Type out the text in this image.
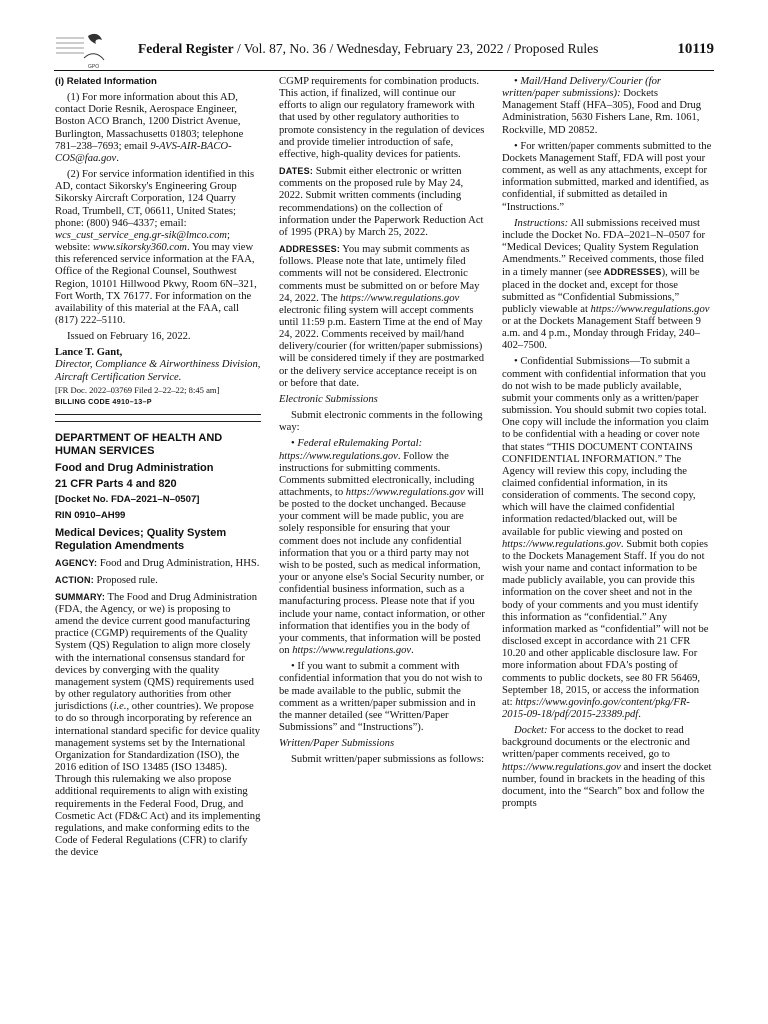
GPO
Federal Register / Vol. 87, No. 36 / Wednesday, February 23, 2022 / Proposed Rules	10119

(i) Related Information

(1) For more information about this AD, contact Dorie Resnik, Aerospace Engineer, Boston ACO Branch, 1200 District Avenue, Burlington, Massachusetts 01803; telephone 781–238–7693; email 9-AVS-AIR-BACO-COS@faa.gov.

(2) For service information identified in this AD, contact Sikorsky's Engineering Group Sikorsky Aircraft Corporation, 124 Quarry Road, Trumbell, CT, 06611, United States; phone: (800) 946–4337; email: wcs_cust_service_eng.gr-sik@lmco.com; website: www.sikorsky360.com. You may view this referenced service information at the FAA, Office of the Regional Counsel, Southwest Region, 10101 Hillwood Pkwy, Room 6N–321, Fort Worth, TX 76177. For information on the availability of this material at the FAA, call (817) 222–5110.

Issued on February 16, 2022.

Lance T. Gant,

Director, Compliance & Airworthiness Division, Aircraft Certification Service.

[FR Doc. 2022–03769 Filed 2–22–22; 8:45 am]

BILLING CODE 4910–13–P

DEPARTMENT OF HEALTH AND HUMAN SERVICES

Food and Drug Administration

21 CFR Parts 4 and 820

[Docket No. FDA–2021–N–0507]

RIN 0910–AH99

Medical Devices; Quality System Regulation Amendments

AGENCY: Food and Drug Administration, HHS.

ACTION: Proposed rule.

SUMMARY: The Food and Drug Administration (FDA, the Agency, or we) is proposing to amend the device current good manufacturing practice (CGMP) requirements of the Quality System (QS) Regulation to align more closely with the international consensus standard for devices by converging with the quality management system (QMS) requirements used by other regulatory authorities from other jurisdictions (i.e., other countries). We propose to do so through incorporating by reference an international standard specific for device quality management systems set by the International Organization for Standardization (ISO), the 2016 edition of ISO 13485 (ISO 13485). Through this rulemaking we also propose additional requirements to align with existing requirements in the Federal Food, Drug, and Cosmetic Act (FD&C Act) and its implementing regulations, and make conforming edits to the Code of Federal Regulations (CFR) to clarify the device

CGMP requirements for combination products. This action, if finalized, will continue our efforts to align our regulatory framework with that used by other regulatory authorities to promote consistency in the regulation of devices and provide timelier introduction of safe, effective, high-quality devices for patients.

DATES: Submit either electronic or written comments on the proposed rule by May 24, 2022. Submit written comments (including recommendations) on the collection of information under the Paperwork Reduction Act of 1995 (PRA) by March 25, 2022.

ADDRESSES: You may submit comments as follows. Please note that late, untimely filed comments will not be considered. Electronic comments must be submitted on or before May 24, 2022. The https://www.regulations.gov electronic filing system will accept comments until 11:59 p.m. Eastern Time at the end of May 24, 2022. Comments received by mail/hand delivery/courier (for written/paper submissions) will be considered timely if they are postmarked or the delivery service acceptance receipt is on or before that date.

Electronic Submissions

Submit electronic comments in the following way:

• Federal eRulemaking Portal: https://www.regulations.gov. Follow the instructions for submitting comments. Comments submitted electronically, including attachments, to https://www.regulations.gov will be posted to the docket unchanged. Because your comment will be made public, you are solely responsible for ensuring that your comment does not include any confidential information that you or a third party may not wish to be posted, such as medical information, your or anyone else's Social Security number, or confidential business information, such as a manufacturing process. Please note that if you include your name, contact information, or other information that identifies you in the body of your comments, that information will be posted on https://www.regulations.gov.

• If you want to submit a comment with confidential information that you do not wish to be made available to the public, submit the comment as a written/paper submission and in the manner detailed (see “Written/Paper Submissions” and “Instructions”).

Written/Paper Submissions

Submit written/paper submissions as follows:

• Mail/Hand Delivery/Courier (for written/paper submissions): Dockets Management Staff (HFA–305), Food and Drug Administration, 5630 Fishers Lane, Rm. 1061, Rockville, MD 20852.

• For written/paper comments submitted to the Dockets Management Staff, FDA will post your comment, as well as any attachments, except for information submitted, marked and identified, as confidential, if submitted as detailed in “Instructions.”

Instructions: All submissions received must include the Docket No. FDA–2021–N–0507 for “Medical Devices; Quality System Regulation Amendments.” Received comments, those filed in a timely manner (see ADDRESSES), will be placed in the docket and, except for those submitted as “Confidential Submissions,” publicly viewable at https://www.regulations.gov or at the Dockets Management Staff between 9 a.m. and 4 p.m., Monday through Friday, 240–402–7500.

• Confidential Submissions—To submit a comment with confidential information that you do not wish to be made publicly available, submit your comments only as a written/paper submission. You should submit two copies total. One copy will include the information you claim to be confidential with a heading or cover note that states “THIS DOCUMENT CONTAINS CONFIDENTIAL INFORMATION.” The Agency will review this copy, including the claimed confidential information, in its consideration of comments. The second copy, which will have the claimed confidential information redacted/blacked out, will be available for public viewing and posted on https://www.regulations.gov. Submit both copies to the Dockets Management Staff. If you do not wish your name and contact information to be made publicly available, you can provide this information on the cover sheet and not in the body of your comments and you must identify this information as “confidential.” Any information marked as “confidential” will not be disclosed except in accordance with 21 CFR 10.20 and other applicable disclosure law. For more information about FDA's posting of comments to public dockets, see 80 FR 56469, September 18, 2015, or access the information at: https://www.govinfo.gov/content/pkg/FR-2015-09-18/pdf/2015-23389.pdf.

Docket: For access to the docket to read background documents or the electronic and written/paper comments received, go to https://www.regulations.gov and insert the docket number, found in brackets in the heading of this document, into the “Search” box and follow the prompts
